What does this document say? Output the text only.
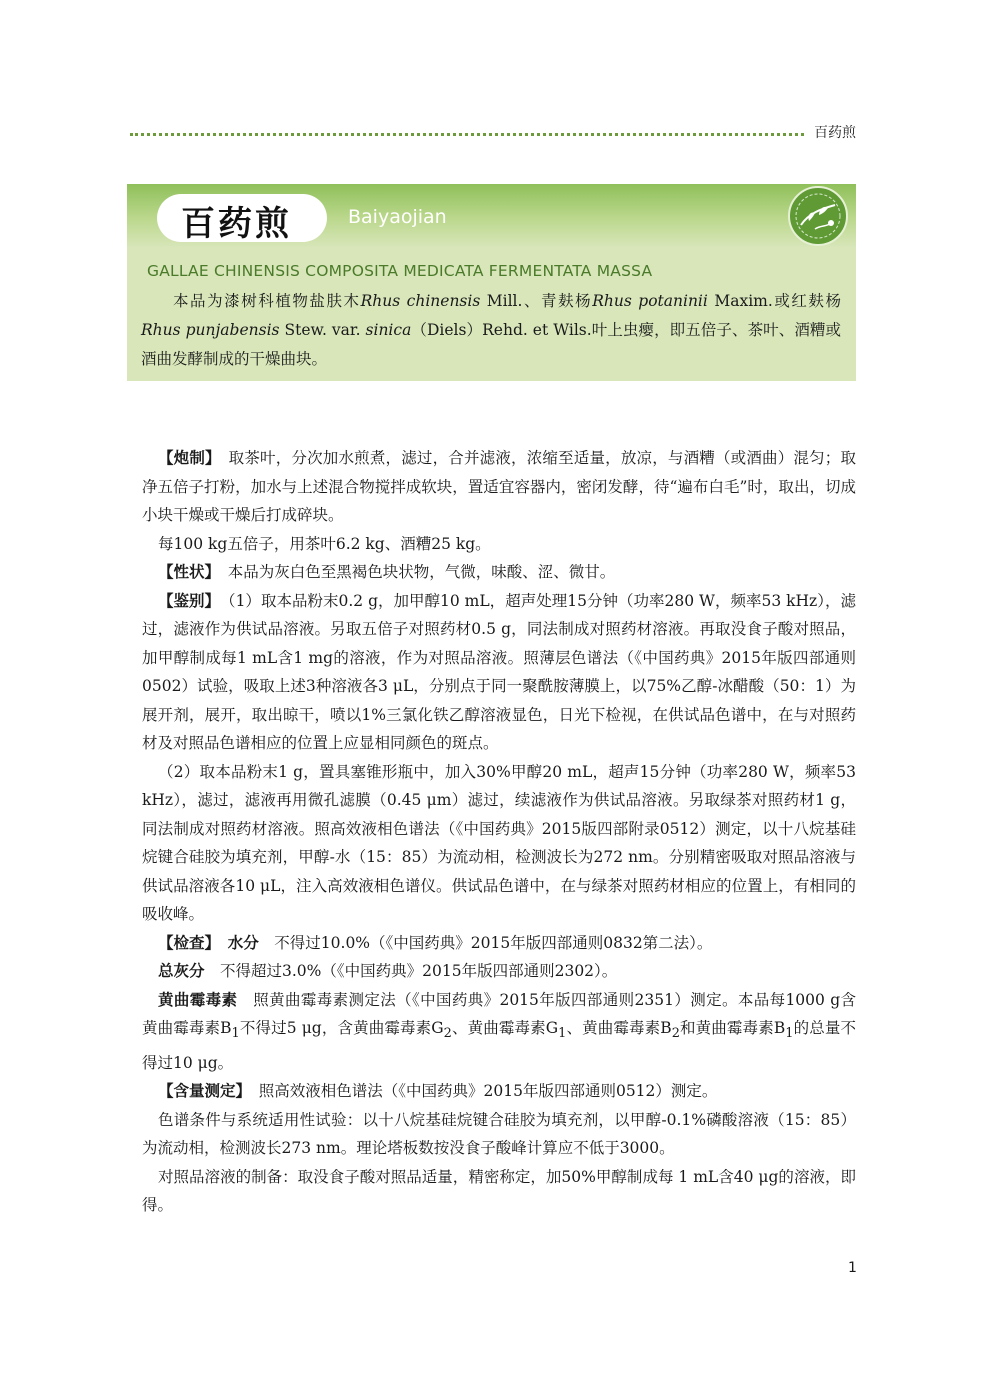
百药煎
百药煎	Baiyaojian
GALLAE CHINENSIS COMPOSITA MEDICATA FERMENTATA MASSA
本品为漆树科植物盐肤木Rhus chinensis Mill.、青麸杨Rhus potaninii Maxim.或红麸杨Rhus punjabensis Stew. var. sinica（Diels）Rehd. et Wils.叶上虫瘿，即五倍子、茶叶、酒糟或酒曲发酵制成的干燥曲块。

【炮制】　取茶叶，分次加水煎煮，滤过，合并滤液，浓缩至适量，放凉，与酒糟（或酒曲）混匀；取净五倍子打粉，加水与上述混合物搅拌成软块，置适宜容器内，密闭发酵，待“遍布白毛”时，取出，切成小块干燥或干燥后打成碎块。

每100 kg五倍子，用茶叶6.2 kg、酒糟25 kg。

【性状】　本品为灰白色至黑褐色块状物，气微，味酸、涩、微甘。

【鉴别】　（1）取本品粉末0.2 g，加甲醇10 mL，超声处理15分钟（功率280 W，频率53 kHz），滤过，滤液作为供试品溶液。另取五倍子对照药材0.5 g，同法制成对照药材溶液。再取没食子酸对照品，加甲醇制成每1 mL含1 mg的溶液，作为对照品溶液。照薄层色谱法（《中国药典》2015年版四部通则0502）试验，吸取上述3种溶液各3 μL，分别点于同一聚酰胺薄膜上，以75%乙醇-冰醋酸（50：1）为展开剂，展开，取出晾干，喷以1%三氯化铁乙醇溶液显色，日光下检视，在供试品色谱中，在与对照药材及对照品色谱相应的位置上应显相同颜色的斑点。

（2）取本品粉末1 g，置具塞锥形瓶中，加入30%甲醇20 mL，超声15分钟（功率280 W，频率53 kHz），滤过，滤液再用微孔滤膜（0.45 μm）滤过，续滤液作为供试品溶液。另取绿茶对照药材1 g，同法制成对照药材溶液。照高效液相色谱法（《中国药典》2015版四部附录0512）测定，以十八烷基硅烷键合硅胶为填充剂，甲醇-水（15：85）为流动相，检测波长为272 nm。分别精密吸取对照品溶液与供试品溶液各10 μL，注入高效液相色谱仪。供试品色谱中，在与绿茶对照药材相应的位置上，有相同的吸收峰。

【检查】　 水分　不得过10.0%（《中国药典》2015年版四部通则0832第二法）。

总灰分　不得超过3.0%（《中国药典》2015年版四部通则2302）。

黄曲霉毒素　照黄曲霉毒素测定法（《中国药典》2015年版四部通则2351）测定。本品每1000 g含黄曲霉毒素$B_1$不得过5 μg，含黄曲霉毒素$G_2$、黄曲霉毒素$G_1$、黄曲霉毒素$B_2$和黄曲霉毒素$B_1$的总量不得过10 μg。

【含量测定】　照高效液相色谱法（《中国药典》2015年版四部通则0512）测定。

色谱条件与系统适用性试验：以十八烷基硅烷键合硅胶为填充剂，以甲醇-0.1%磷酸溶液（15：85）为流动相，检测波长273 nm。理论塔板数按没食子酸峰计算应不低于3000。

对照品溶液的制备：取没食子酸对照品适量，精密称定，加50%甲醇制成每 1 mL含40 μg的溶液，即得。

1
